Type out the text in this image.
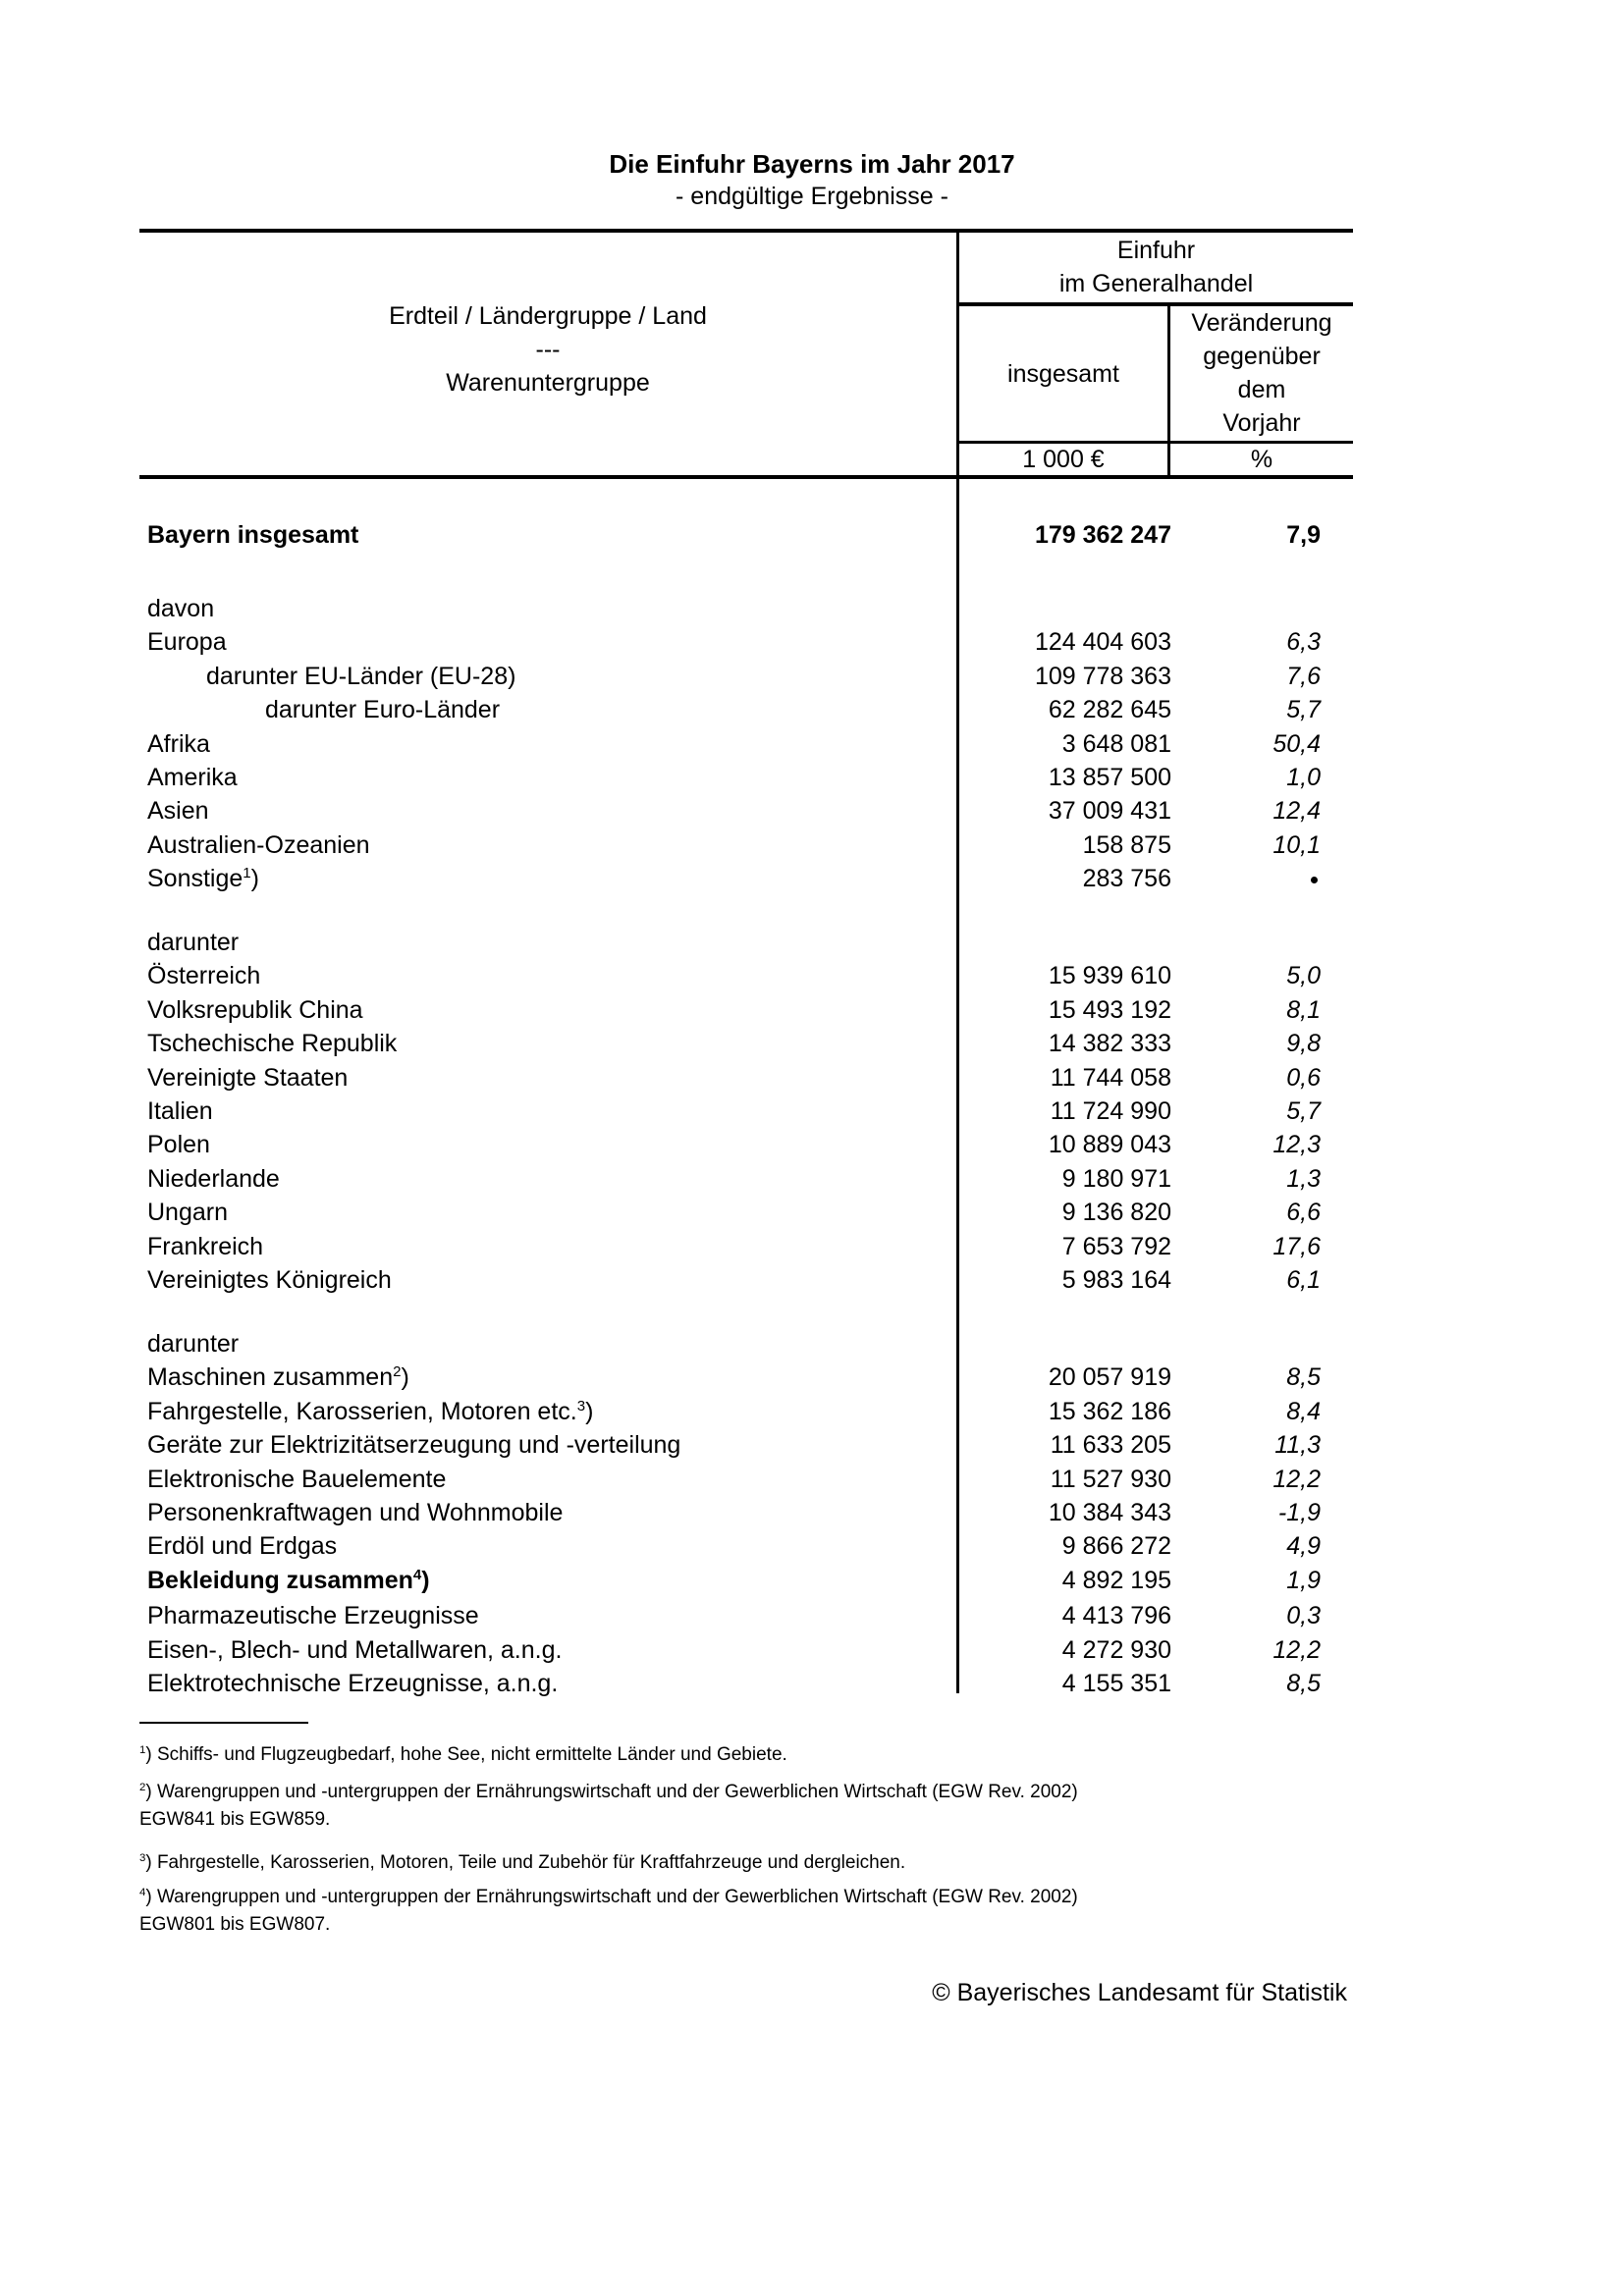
Die Einfuhr Bayerns im Jahr 2017
- endgültige Ergebnisse -
Erdteil / Ländergruppe / Land
---
Warenuntergruppe
Einfuhr
im Generalhandel
insgesamt
Veränderung
gegenüber
dem
Vorjahr
1 000 €	%
Bayern insgesamt	179 362 247	7,9
davon
Europa	124 404 603	6,3
darunter EU-Länder (EU-28)	109 778 363	7,6
darunter Euro-Länder	62 282 645	5,7
Afrika	3 648 081	50,4
Amerika	13 857 500	1,0
Asien	37 009 431	12,4
Australien-Ozeanien	158 875	10,1
Sonstige$^1$)	283 756
darunter
Österreich	15 939 610	5,0
Volksrepublik China	15 493 192	8,1
Tschechische Republik	14 382 333	9,8
Vereinigte Staaten	11 744 058	0,6
Italien	11 724 990	5,7
Polen	10 889 043	12,3
Niederlande	9 180 971	1,3
Ungarn	9 136 820	6,6
Frankreich	7 653 792	17,6
Vereinigtes Königreich	5 983 164	6,1
darunter
Maschinen zusammen$^2$)	20 057 919	8,5
Fahrgestelle, Karosserien, Motoren etc.$^3$)	15 362 186	8,4
Geräte zur Elektrizitätserzeugung und -verteilung	11 633 205	11,3
Elektronische Bauelemente	11 527 930	12,2
Personenkraftwagen und Wohnmobile	10 384 343	-1,9
Erdöl und Erdgas	9 866 272	4,9
Bekleidung zusammen$^4$)	4 892 195	1,9
Pharmazeutische Erzeugnisse	4 413 796	0,3
Eisen-, Blech- und Metallwaren, a.n.g.	4 272 930	12,2
Elektrotechnische Erzeugnisse, a.n.g.	4 155 351	8,5
$^1$) Schiffs- und Flugzeugbedarf, hohe See, nicht ermittelte Länder und Gebiete.
$^2$) Warengruppen und -untergruppen der Ernährungswirtschaft und der Gewerblichen Wirtschaft (EGW Rev. 2002)
EGW841 bis EGW859.
$^3$) Fahrgestelle, Karosserien, Motoren, Teile und Zubehör für Kraftfahrzeuge und dergleichen.
$^4$) Warengruppen und -untergruppen der Ernährungswirtschaft und der Gewerblichen Wirtschaft (EGW Rev. 2002)
EGW801 bis EGW807.
© Bayerisches Landesamt für Statistik
